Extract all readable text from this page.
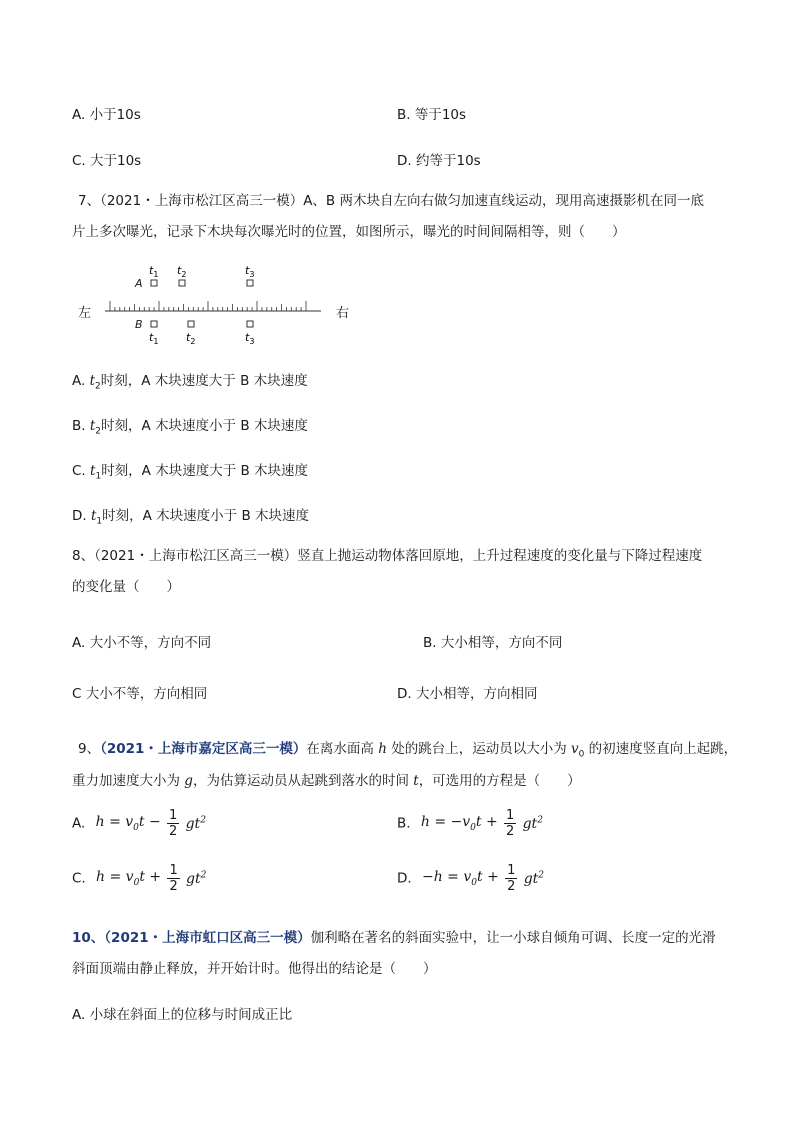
A. 小于10s	B. 等于10s
C. 大于10s	D. 约等于10s
7、（2021・上海市松江区高三一模）A、B 两木块自左向右做匀加速直线运动，现用高速摄影机在同一底
片上多次曝光，记录下木块每次曝光时的位置，如图所示，曝光的时间间隔相等，则（　　）
左	右
A
$t_1$ $t_2$	$t_3$
B
$t_1$	$t_2$	$t_3$
A. $t_2$时刻，A 木块速度大于 B 木块速度
B. $t_2$时刻，A 木块速度小于 B 木块速度
C. $t_1$时刻，A 木块速度大于 B 木块速度
D. $t_1$时刻，A 木块速度小于 B 木块速度
8、（2021・上海市松江区高三一模）竖直上抛运动物体落回原地，上升过程速度的变化量与下降过程速度
的变化量（　　）
A. 大小不等，方向不同	B. 大小相等，方向不同
C 大小不等，方向相同	D. 大小相等，方向相同
9、（2021・上海市嘉定区高三一模）在离水面高 h 处的跳台上，运动员以大小为 $v_0$ 的初速度竖直向上起跳，
重力加速度大小为 g，为估算运动员从起跳到落水的时间 t，可选用的方程是（　　）
A. $h = v_0t - \frac{1}{2} gt^2$	B. $h = -v_0t + \frac{1}{2} gt^2$
C. $h = v_0t + \frac{1}{2} gt^2$	D. $-h = v_0t + \frac{1}{2} gt^2$
10、（2021・上海市虹口区高三一模）伽利略在著名的斜面实验中，让一小球自倾角可调、长度一定的光滑
斜面顶端由静止释放，并开始计时。他得出的结论是（　　）
A. 小球在斜面上的位移与时间成正比
